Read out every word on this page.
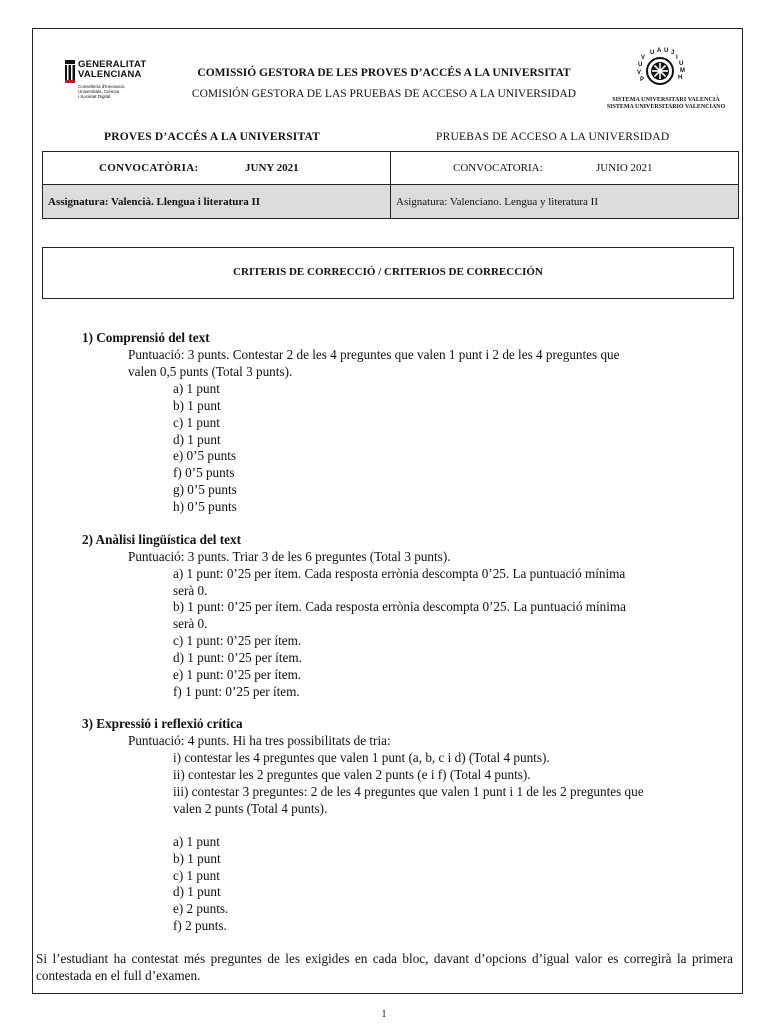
GENERALITAT
VALENCIANA
Conselleria d'Innovació,
Universitats, Ciència
i Societat Digital
COMISSIÓ GESTORA DE LES PROVES D’ACCÉS A LA UNIVERSITAT
COMISIÓN GESTORA DE LAS PRUEBAS DE ACCESO A LA UNIVERSIDAD
U A U J
I
U
M
H
V
U
V
P
SISTEMA UNIVERSITARI VALENCIÀ
SISTEMA UNIVERSITARIO VALENCIANO
PROVES D’ACCÉS A LA UNIVERSITAT	PRUEBAS DE ACCESO A LA UNIVERSIDAD
CONVOCATÒRIA:	JUNY 2021	CONVOCATORIA:	JUNIO 2021
Assignatura: Valencià. Llengua i literatura II	Asignatura: Valenciano. Lengua y literatura II
CRITERIS DE CORRECCIÓ / CRITERIOS DE CORRECCIÓN
1) Comprensió del text
Puntuació: 3 punts. Contestar 2 de les 4 preguntes que valen 1 punt i 2 de les 4 preguntes que
valen 0,5 punts (Total 3 punts).
a) 1 punt
b) 1 punt
c) 1 punt
d) 1 punt
e) 0’5 punts
f) 0’5 punts
g) 0’5 punts
h) 0’5 punts
2) Anàlisi lingüística del text
Puntuació: 3 punts. Triar 3 de les 6 preguntes (Total 3 punts).
a) 1 punt: 0’25 per ítem. Cada resposta errònia descompta 0’25. La puntuació mínima
serà 0.
b) 1 punt: 0’25 per ítem. Cada resposta errònia descompta 0’25. La puntuació mínima
serà 0.
c) 1 punt: 0’25 per ítem.
d) 1 punt: 0’25 per ítem.
e) 1 punt: 0’25 per ítem.
f) 1 punt: 0’25 per ítem.
3) Expressió i reflexió crítica
Puntuació: 4 punts. Hi ha tres possibilitats de tria:
i) contestar les 4 preguntes que valen 1 punt (a, b, c i d) (Total 4 punts).
ii) contestar les 2 preguntes que valen 2 punts (e i f) (Total 4 punts).
iii) contestar 3 preguntes: 2 de les 4 preguntes que valen 1 punt i 1 de les 2 preguntes que
valen 2 punts (Total 4 punts).
a) 1 punt
b) 1 punt
c) 1 punt
d) 1 punt
e) 2 punts.
f) 2 punts.
Si l’estudiant ha contestat més preguntes de les exigides en cada bloc, davant d’opcions d’igual valor es corregirà la primera contestada en el full d’examen.
1
